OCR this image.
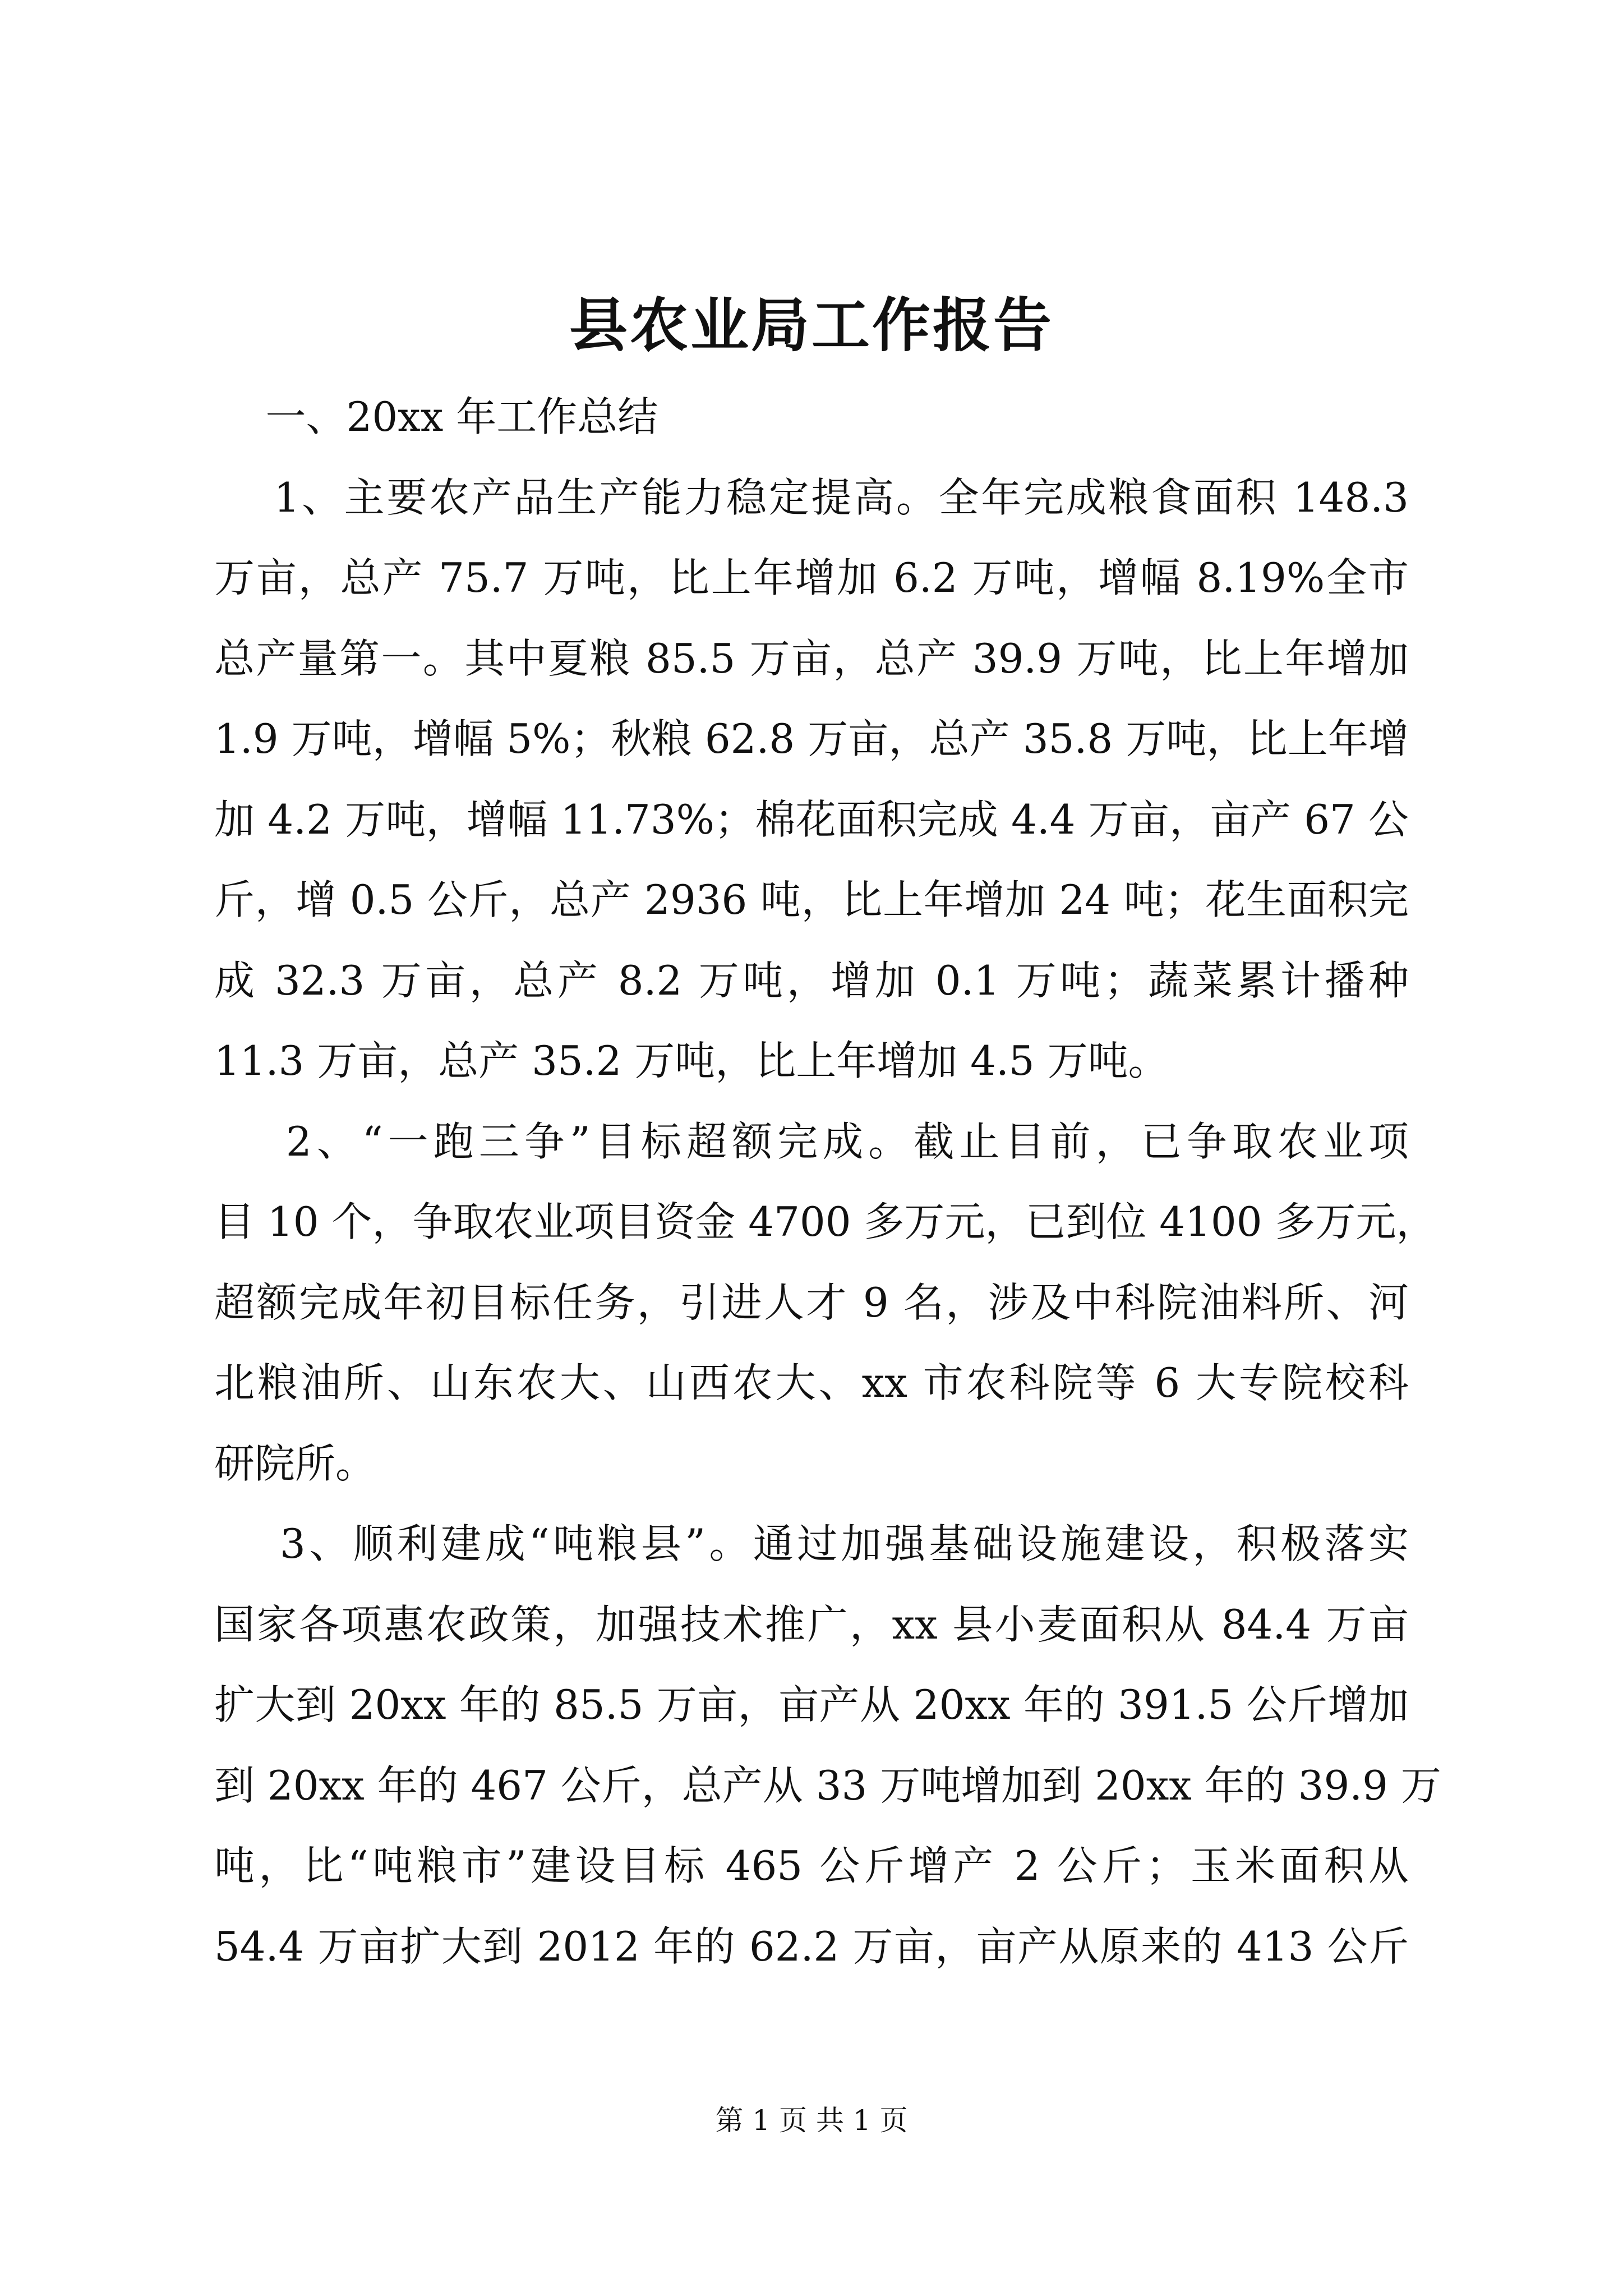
县农业局工作报告
一、20xx 年工作总结
1、主要农产品生产能力稳定提高。全年完成粮食面积 148.3
万亩，总产 75.7 万吨，比上年增加 6.2 万吨，增幅 8.19%全市
总产量第一。其中夏粮 85.5 万亩，总产 39.9 万吨，比上年增加
1.9 万吨，增幅 5%；秋粮 62.8 万亩，总产 35.8 万吨，比上年增
加 4.2 万吨，增幅 11.73%；棉花面积完成 4.4 万亩，亩产 67 公
斤，增 0.5 公斤，总产 2936 吨，比上年增加 24 吨；花生面积完
成 32.3 万亩，总产 8.2 万吨，增加 0.1 万吨；蔬菜累计播种
11.3 万亩，总产 35.2 万吨，比上年增加 4.5 万吨。
2、“一跑三争”目标超额完成。截止目前，已争取农业项
目 10 个，争取农业项目资金 4700 多万元，已到位 4100 多万元，
超额完成年初目标任务，引进人才 9 名，涉及中科院油料所、河
北粮油所、山东农大、山西农大、xx 市农科院等 6 大专院校科
研院所。
3、顺利建成“吨粮县”。通过加强基础设施建设，积极落实
国家各项惠农政策，加强技术推广，xx 县小麦面积从 84.4 万亩
扩大到 20xx 年的 85.5 万亩，亩产从 20xx 年的 391.5 公斤增加
到 20xx 年的 467 公斤，总产从 33 万吨增加到 20xx 年的 39.9 万
吨，比“吨粮市”建设目标 465 公斤增产 2 公斤；玉米面积从
54.4 万亩扩大到 2012 年的 62.2 万亩，亩产从原来的 413 公斤
第 1 页 共 1 页
